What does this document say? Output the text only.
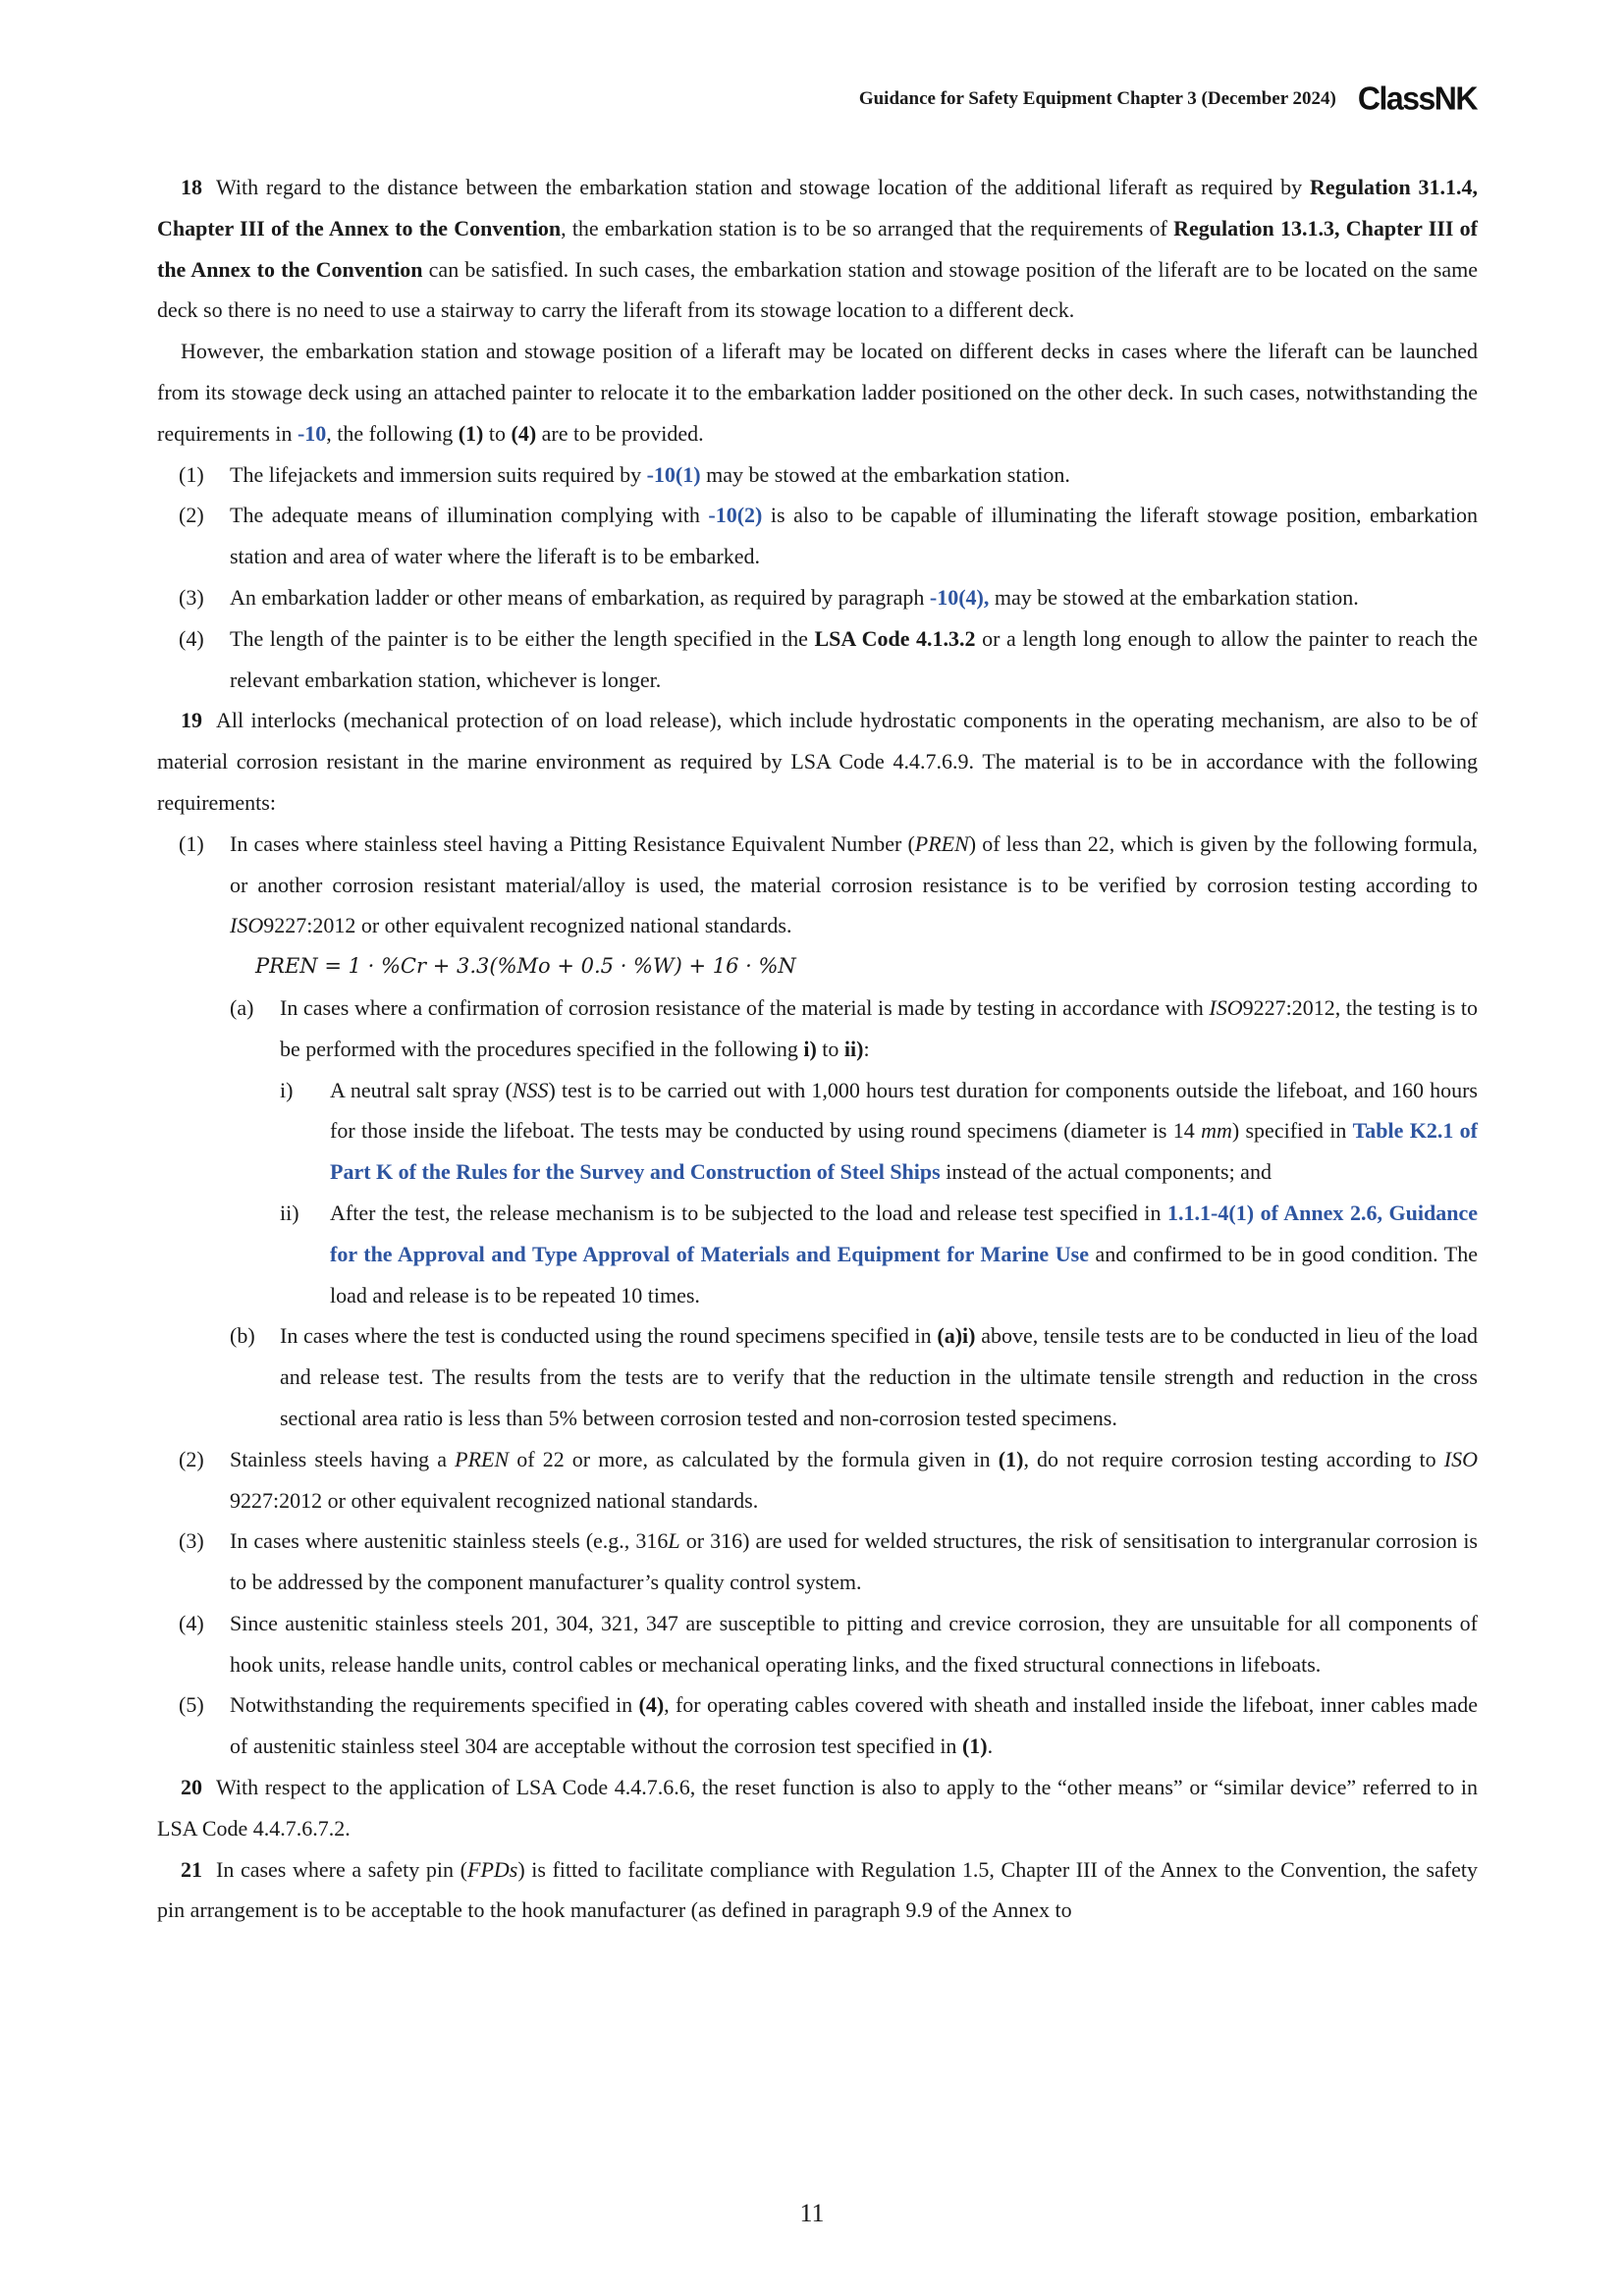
Guidance for Safety Equipment Chapter 3 (December 2024) ClassNK

18 With regard to the distance between the embarkation station and stowage location of the additional liferaft as required by Regulation 31.1.4, Chapter III of the Annex to the Convention, the embarkation station is to be so arranged that the requirements of Regulation 13.1.3, Chapter III of the Annex to the Convention can be satisfied. In such cases, the embarkation station and stowage position of the liferaft are to be located on the same deck so there is no need to use a stairway to carry the liferaft from its stowage location to a different deck.

However, the embarkation station and stowage position of a liferaft may be located on different decks in cases where the liferaft can be launched from its stowage deck using an attached painter to relocate it to the embarkation ladder positioned on the other deck. In such cases, notwithstanding the requirements in -10, the following (1) to (4) are to be provided.

(1) The lifejackets and immersion suits required by -10(1) may be stowed at the embarkation station.

(2) The adequate means of illumination complying with -10(2) is also to be capable of illuminating the liferaft stowage position, embarkation station and area of water where the liferaft is to be embarked.

(3) An embarkation ladder or other means of embarkation, as required by paragraph -10(4), may be stowed at the embarkation station.

(4) The length of the painter is to be either the length specified in the LSA Code 4.1.3.2 or a length long enough to allow the painter to reach the relevant embarkation station, whichever is longer.

19 All interlocks (mechanical protection of on load release), which include hydrostatic components in the operating mechanism, are also to be of material corrosion resistant in the marine environment as required by LSA Code 4.4.7.6.9. The material is to be in accordance with the following requirements:

(1) In cases where stainless steel having a Pitting Resistance Equivalent Number (PREN) of less than 22, which is given by the following formula, or another corrosion resistant material/alloy is used, the material corrosion resistance is to be verified by corrosion testing according to ISO9227:2012 or other equivalent recognized national standards.

PREN = 1 · %Cr + 3.3(%Mo + 0.5 · %W) + 16 · %N

(a) In cases where a confirmation of corrosion resistance of the material is made by testing in accordance with ISO9227:2012, the testing is to be performed with the procedures specified in the following i) to ii):

i) A neutral salt spray (NSS) test is to be carried out with 1,000 hours test duration for components outside the lifeboat, and 160 hours for those inside the lifeboat. The tests may be conducted by using round specimens (diameter is 14 mm) specified in Table K2.1 of Part K of the Rules for the Survey and Construction of Steel Ships instead of the actual components; and

ii) After the test, the release mechanism is to be subjected to the load and release test specified in 1.1.1-4(1) of Annex 2.6, Guidance for the Approval and Type Approval of Materials and Equipment for Marine Use and confirmed to be in good condition. The load and release is to be repeated 10 times.

(b) In cases where the test is conducted using the round specimens specified in (a)i) above, tensile tests are to be conducted in lieu of the load and release test. The results from the tests are to verify that the reduction in the ultimate tensile strength and reduction in the cross sectional area ratio is less than 5% between corrosion tested and non-corrosion tested specimens.

(2) Stainless steels having a PREN of 22 or more, as calculated by the formula given in (1), do not require corrosion testing according to ISO 9227:2012 or other equivalent recognized national standards.

(3) In cases where austenitic stainless steels (e.g., 316L or 316) are used for welded structures, the risk of sensitisation to intergranular corrosion is to be addressed by the component manufacturer’s quality control system.

(4) Since austenitic stainless steels 201, 304, 321, 347 are susceptible to pitting and crevice corrosion, they are unsuitable for all components of hook units, release handle units, control cables or mechanical operating links, and the fixed structural connections in lifeboats.

(5) Notwithstanding the requirements specified in (4), for operating cables covered with sheath and installed inside the lifeboat, inner cables made of austenitic stainless steel 304 are acceptable without the corrosion test specified in (1).

20 With respect to the application of LSA Code 4.4.7.6.6, the reset function is also to apply to the “other means” or “similar device” referred to in LSA Code 4.4.7.6.7.2.

21 In cases where a safety pin (FPDs) is fitted to facilitate compliance with Regulation 1.5, Chapter III of the Annex to the Convention, the safety pin arrangement is to be acceptable to the hook manufacturer (as defined in paragraph 9.9 of the Annex to

11
